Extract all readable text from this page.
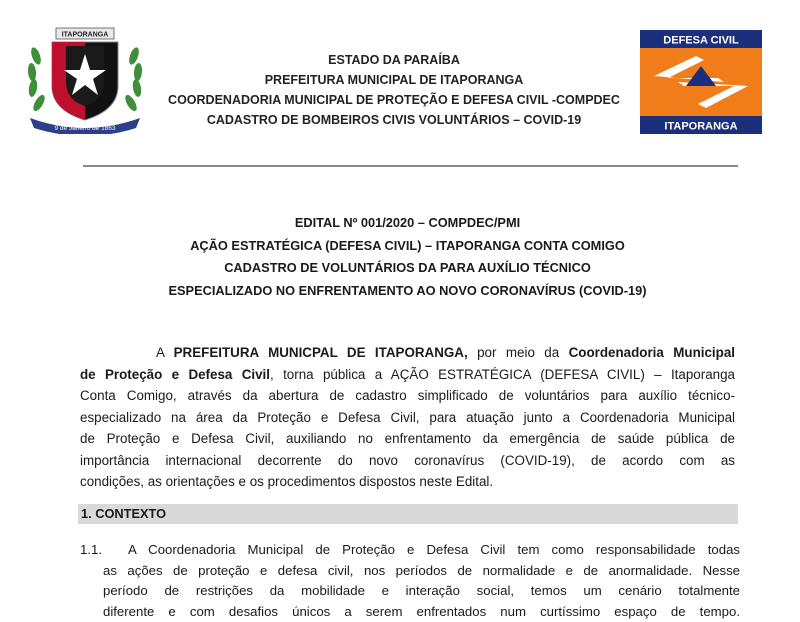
ITAPORANGA
9 de Janeiro de 1863
ESTADO DA PARAÍBA
PREFEITURA MUNICIPAL DE ITAPORANGA
COORDENADORIA MUNICIPAL DE PROTEÇÃO E DEFESA CIVIL -COMPDEC
CADASTRO DE BOMBEIROS CIVIS VOLUNTÁRIOS – COVID-19
DEFESA CIVIL
ITAPORANGA
EDITAL Nº 001/2020 – COMPDEC/PMI
AÇÃO ESTRATÉGICA (DEFESA CIVIL) – ITAPORANGA CONTA COMIGO
CADASTRO DE VOLUNTÁRIOS DA PARA AUXÍLIO TÉCNICO
ESPECIALIZADO NO ENFRENTAMENTO AO NOVO CORONAVÍRUS (COVID-19)
A PREFEITURA MUNICPAL DE ITAPORANGA, por meio da Coordenadoria Municipal
de Proteção e Defesa Civil, torna pública a AÇÃO ESTRATÉGICA (DEFESA CIVIL) – Itaporanga
Conta Comigo, através da abertura de cadastro simplificado de voluntários para auxílio técnico-
especializado na área da Proteção e Defesa Civil, para atuação junto a Coordenadoria Municipal
de Proteção e Defesa Civil, auxiliando no enfrentamento da emergência de saúde pública de
importância internacional decorrente do novo coronavírus (COVID-19), de acordo com as
condições, as orientações e os procedimentos dispostos neste Edital.
1. CONTEXTO
1.1.	A Coordenadoria Municipal de Proteção e Defesa Civil tem como responsabilidade todas
as ações de proteção e defesa civil, nos períodos de normalidade e de anormalidade. Nesse
período de restrições da mobilidade e interação social, temos um cenário totalmente
diferente e com desafios únicos a serem enfrentados num curtíssimo espaço de tempo.
